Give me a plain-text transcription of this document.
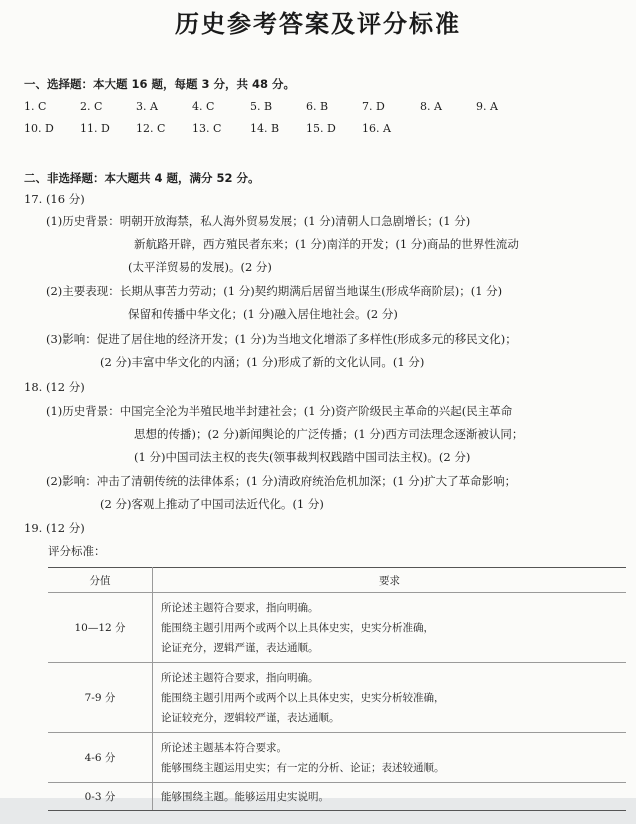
历史参考答案及评分标准
一、选择题：本大题 16 题，每题 3 分，共 48 分。
1. C	2. C	3. A	4. C	5. B	6. B	7. D	8. A	9. A
10. D 11. D 12. C 13. C	14. B 15. D 16. A
二、非选择题：本大题共 4 题，满分 52 分。
17. (16 分)
(1)历史背景：明朝开放海禁，私人海外贸易发展；(1 分)清朝人口急剧增长；(1 分)
新航路开辟，西方殖民者东来；(1 分)南洋的开发；(1 分)商品的世界性流动
(太平洋贸易的发展)。(2 分)
(2)主要表现：长期从事苦力劳动；(1 分)契约期满后居留当地谋生(形成华商阶层)；(1 分)
保留和传播中华文化；(1 分)融入居住地社会。(2 分)
(3)影响：促进了居住地的经济开发；(1 分)为当地文化增添了多样性(形成多元的移民文化)；
(2 分)丰富中华文化的内涵；(1 分)形成了新的文化认同。(1 分)
18. (12 分)
(1)历史背景：中国完全沦为半殖民地半封建社会；(1 分)资产阶级民主革命的兴起(民主革命
思想的传播)；(2 分)新闻舆论的广泛传播；(1 分)西方司法理念逐渐被认同；
(1 分)中国司法主权的丧失(领事裁判权践踏中国司法主权)。(2 分)
(2)影响：冲击了清朝传统的法律体系；(1 分)清政府统治危机加深；(1 分)扩大了革命影响；
(2 分)客观上推动了中国司法近代化。(1 分)
19. (12 分)
评分标准：
分值	要求
10—12 分	所论述主题符合要求，指向明确。
能围绕主题引用两个或两个以上具体史实，史实分析准确，
论证充分，逻辑严谨，表达通顺。

7-9 分	所论述主题符合要求，指向明确。
能围绕主题引用两个或两个以上具体史实，史实分析较准确，
论证较充分，逻辑较严谨，表达通顺。

4-6 分	所论述主题基本符合要求。
能够围绕主题运用史实；有一定的分析、论证；表述较通顺。

0-3 分	能够围绕主题。能够运用史实说明。
